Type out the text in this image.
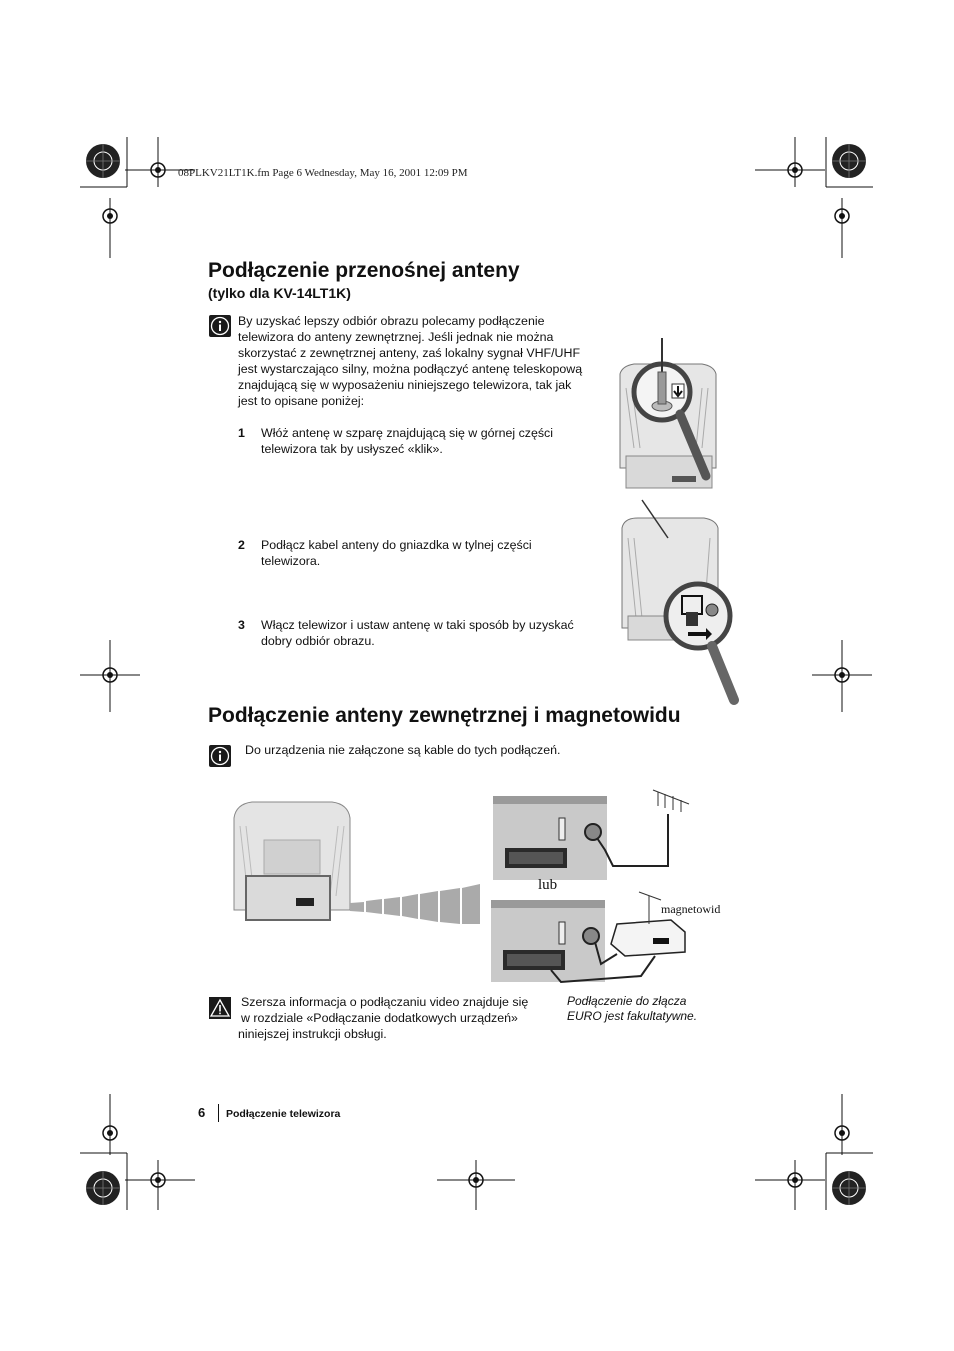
08PLKV21LT1K.fm Page 6 Wednesday, May 16, 2001 12:09 PM
Podłączenie przenośnej anteny
(tylko dla KV-14LT1K)
By uzyskać lepszy odbiór obrazu polecamy podłączenie
telewizora do anteny zewnętrznej. Jeśli jednak nie można
skorzystać z zewnętrznej anteny, zaś lokalny sygnał VHF/UHF
jest wystarczająco silny, można podłączyć antenę teleskopową
znajdującą się w wyposażeniu niniejszego telewizora, tak jak
jest to opisane poniżej:
1 Włóż antenę w szparę znajdującą się w górnej części
telewizora tak by usłyszeć «klik».
2 Podłącz kabel anteny do gniazdka w tylnej części
telewizora.
3 Włącz telewizor i ustaw antenę w taki sposób by uzyskać
dobry odbiór obrazu.
Podłączenie anteny zewnętrznej i magnetowidu
Do urządzenia nie załączone są kable do tych podłączeń.
lub
magnetowid
Szersza informacja o podłączaniu video znajduje się
w rozdziale «Podłączanie dodatkowych urządzeń»
niniejszej instrukcji obsługi.
Podłączenie do złącza
EURO jest fakultatywne.
6 Podłączenie telewizora
